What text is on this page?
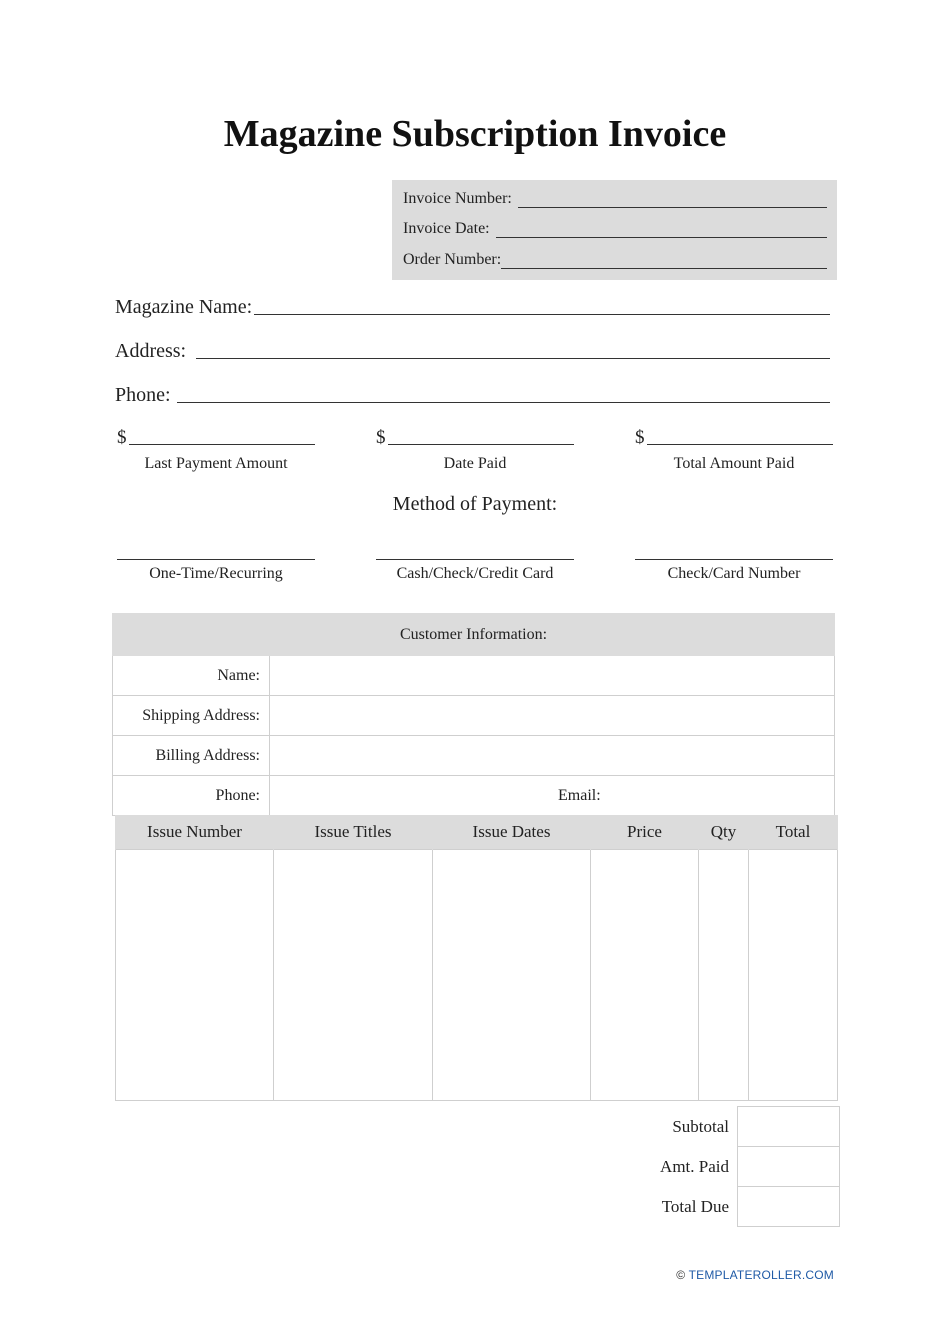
Magazine Subscription Invoice
Invoice Number:
Invoice Date:
Order Number:
Magazine Name:
Address:
Phone:
$	$	$
Last Payment Amount	Date Paid	Total Amount Paid
Method of Payment:
One-Time/Recurring	Cash/Check/Credit Card	Check/Card Number
Customer Information:	
Name:	
Shipping Address:	
Billing Address:	
Phone:	Email:
Issue Number	Issue Titles	Issue Dates	Price	Qty	Total

Subtotal	
Amt. Paid	
Total Due	
© TEMPLATEROLLER.COM
